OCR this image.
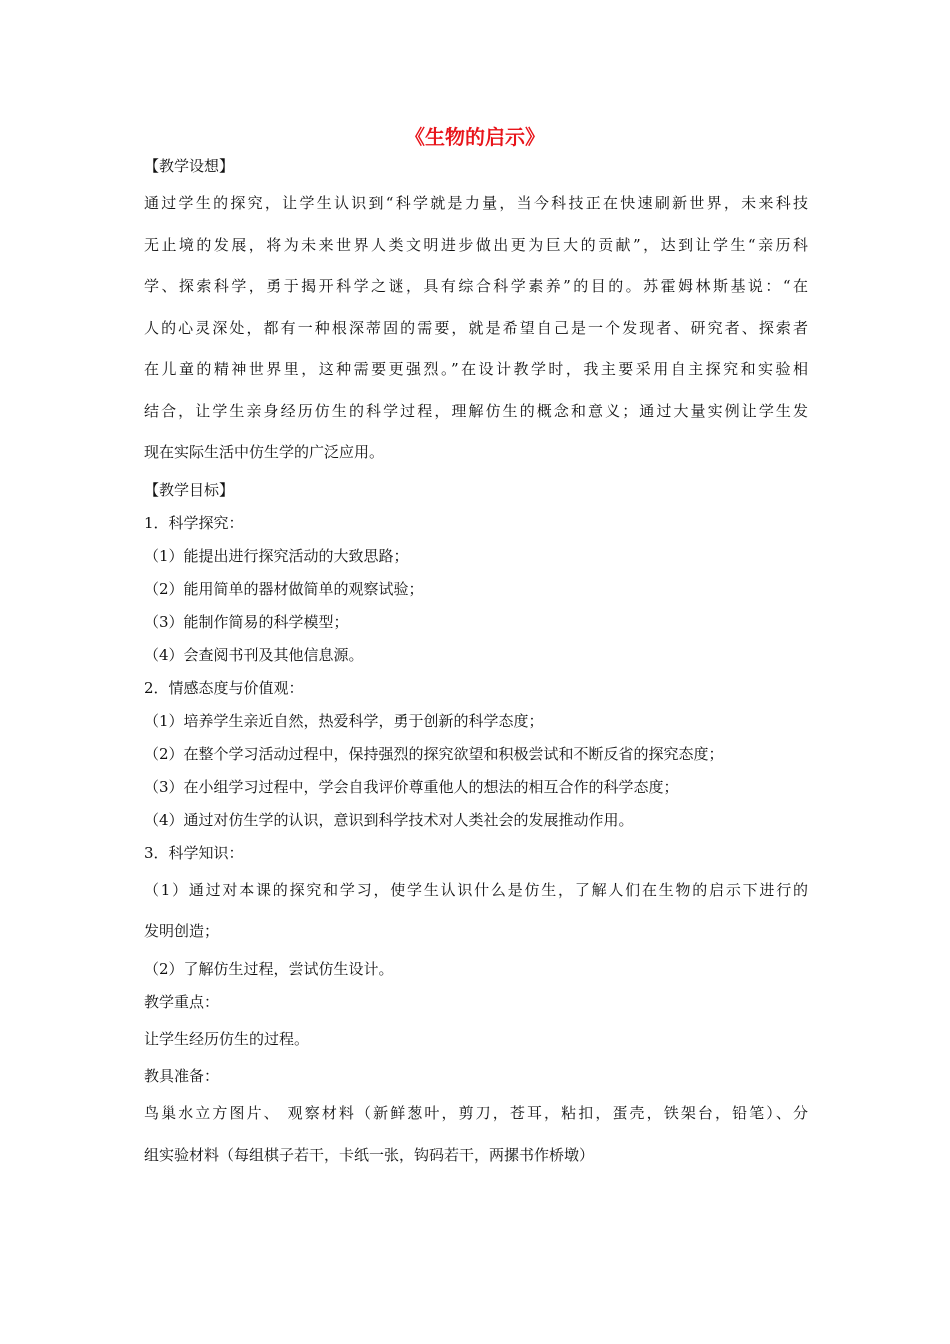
《生物的启示》
【教学设想】
通过学生的探究，让学生认识到“科学就是力量，当今科技正在快速刷新世界，未来科技
无止境的发展，将为未来世界人类文明进步做出更为巨大的贡献”，达到让学生“亲历科
学、探索科学，勇于揭开科学之谜，具有综合科学素养”的目的。苏霍姆林斯基说：“在
人的心灵深处，都有一种根深蒂固的需要，就是希望自己是一个发现者、研究者、探索者
在儿童的精神世界里，这种需要更强烈。”在设计教学时，我主要采用自主探究和实验相
结合，让学生亲身经历仿生的科学过程，理解仿生的概念和意义；通过大量实例让学生发
现在实际生活中仿生学的广泛应用。
【教学目标】
1．科学探究：
（1）能提出进行探究活动的大致思路；
（2）能用简单的器材做简单的观察试验；
（3）能制作简易的科学模型；
（4）会查阅书刊及其他信息源。
2．情感态度与价值观：
（1）培养学生亲近自然，热爱科学，勇于创新的科学态度；
（2）在整个学习活动过程中，保持强烈的探究欲望和积极尝试和不断反省的探究态度；
（3）在小组学习过程中，学会自我评价尊重他人的想法的相互合作的科学态度；
（4）通过对仿生学的认识，意识到科学技术对人类社会的发展推动作用。
3．科学知识：
（1）通过对本课的探究和学习，使学生认识什么是仿生，了解人们在生物的启示下进行的
发明创造；
（2）了解仿生过程，尝试仿生设计。
教学重点：
让学生经历仿生的过程。
教具准备：
鸟巢水立方图片、 观察材料（新鲜葱叶，剪刀，苍耳，粘扣，蛋壳，铁架台，铅笔）、分
组实验材料（每组棋子若干，卡纸一张，钩码若干，两摞书作桥墩）
